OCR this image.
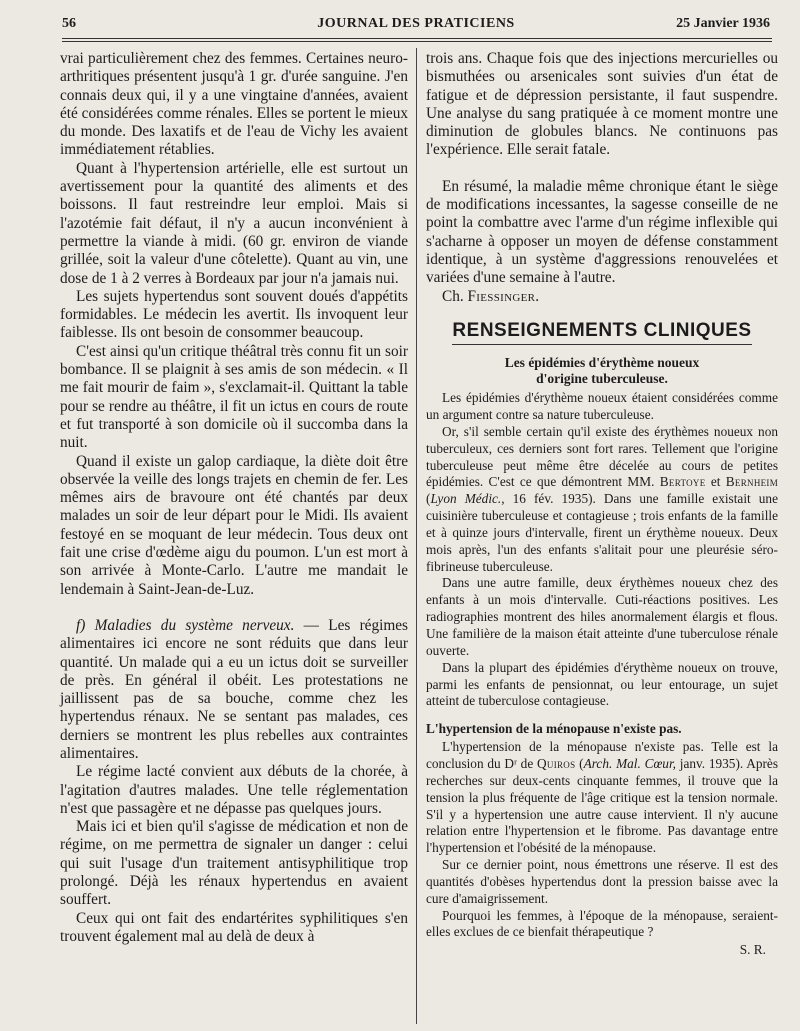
56	JOURNAL DES PRATICIENS	25 Janvier 1936

vrai particulièrement chez des femmes. Certaines neuro-arthritiques présentent jusqu'à 1 gr. d'urée sanguine. J'en connais deux qui, il y a une vingtaine d'années, avaient été considérées comme rénales. Elles se portent le mieux du monde. Des laxatifs et de l'eau de Vichy les avaient immédiatement rétablies.

Quant à l'hypertension artérielle, elle est surtout un avertissement pour la quantité des aliments et des boissons. Il faut restreindre leur emploi. Mais si l'azotémie fait défaut, il n'y a aucun inconvénient à permettre la viande à midi. (60 gr. environ de viande grillée, soit la valeur d'une côtelette). Quant au vin, une dose de 1 à 2 verres à Bordeaux par jour n'a jamais nui.

Les sujets hypertendus sont souvent doués d'appétits formidables. Le médecin les avertit. Ils invoquent leur faiblesse. Ils ont besoin de consommer beaucoup.

C'est ainsi qu'un critique théâtral très connu fit un soir bombance. Il se plaignit à ses amis de son médecin. « Il me fait mourir de faim », s'exclamait-il. Quittant la table pour se rendre au théâtre, il fit un ictus en cours de route et fut transporté à son domicile où il succomba dans la nuit.

Quand il existe un galop cardiaque, la diète doit être observée la veille des longs trajets en chemin de fer. Les mêmes airs de bravoure ont été chantés par deux malades un soir de leur départ pour le Midi. Ils avaient festoyé en se moquant de leur médecin. Tous deux ont fait une crise d'œdème aigu du poumon. L'un est mort à son arrivée à Monte-Carlo. L'autre me mandait le lendemain à Saint-Jean-de-Luz.

f) Maladies du système nerveux. — Les régimes alimentaires ici encore ne sont réduits que dans leur quantité. Un malade qui a eu un ictus doit se surveiller de près. En général il obéit. Les protestations ne jaillissent pas de sa bouche, comme chez les hypertendus rénaux. Ne se sentant pas malades, ces derniers se montrent les plus rebelles aux contraintes alimentaires.

Le régime lacté convient aux débuts de la chorée, à l'agitation d'autres malades. Une telle réglementation n'est que passagère et ne dépasse pas quelques jours.

Mais ici et bien qu'il s'agisse de médication et non de régime, on me permettra de signaler un danger : celui qui suit l'usage d'un traitement antisyphilitique trop prolongé. Déjà les rénaux hypertendus en avaient souffert.

Ceux qui ont fait des endartérites syphilitiques s'en trouvent également mal au delà de deux à

trois ans. Chaque fois que des injections mercurielles ou bismuthées ou arsenicales sont suivies d'un état de fatigue et de dépression persistante, il faut suspendre. Une analyse du sang pratiquée à ce moment montre une diminution de globules blancs. Ne continuons pas l'expérience. Elle serait fatale.

En résumé, la maladie même chronique étant le siège de modifications incessantes, la sagesse conseille de ne point la combattre avec l'arme d'un régime inflexible qui s'acharne à opposer un moyen de défense constamment identique, à un système d'aggressions renouvelées et variées d'une semaine à l'autre.

Ch. Fiessinger.

RENSEIGNEMENTS CLINIQUES
Les épidémies d'érythème noueux
d'origine tuberculeuse.

Les épidémies d'érythème noueux étaient considérées comme un argument contre sa nature tuberculeuse.

Or, s'il semble certain qu'il existe des érythèmes noueux non tuberculeux, ces derniers sont fort rares. Tellement que l'origine tuberculeuse peut même être décelée au cours de petites épidémies. C'est ce que démontrent MM. Bertoye et Bernheim (Lyon Médic., 16 fév. 1935). Dans une famille existait une cuisinière tuberculeuse et contagieuse ; trois enfants de la famille et à quinze jours d'intervalle, firent un érythème noueux. Deux mois après, l'un des enfants s'alitait pour une pleurésie séro-fibrineuse tuberculeuse.

Dans une autre famille, deux érythèmes noueux chez des enfants à un mois d'intervalle. Cuti-réactions positives. Les radiographies montrent des hiles anormalement élargis et flous. Une familière de la maison était atteinte d'une tuberculose rénale ouverte.

Dans la plupart des épidémies d'érythème noueux on trouve, parmi les enfants de pensionnat, ou leur entourage, un sujet atteint de tuberculose contagieuse.

L'hypertension de la ménopause n'existe pas.

L'hypertension de la ménopause n'existe pas. Telle est la conclusion du Dʳ de Quiros (Arch. Mal. Cœur, janv. 1935). Après recherches sur deux-cents cinquante femmes, il trouve que la tension la plus fréquente de l'âge critique est la tension normale. S'il y a hypertension une autre cause intervient. Il n'y aucune relation entre l'hypertension et le fibrome. Pas davantage entre l'hypertension et l'obésité de la ménopause.

Sur ce dernier point, nous émettrons une réserve. Il est des quantités d'obèses hypertendus dont la pression baisse avec la cure d'amaigrissement.

Pourquoi les femmes, à l'époque de la ménopause, seraient-elles exclues de ce bienfait thérapeutique ?

S. R.
